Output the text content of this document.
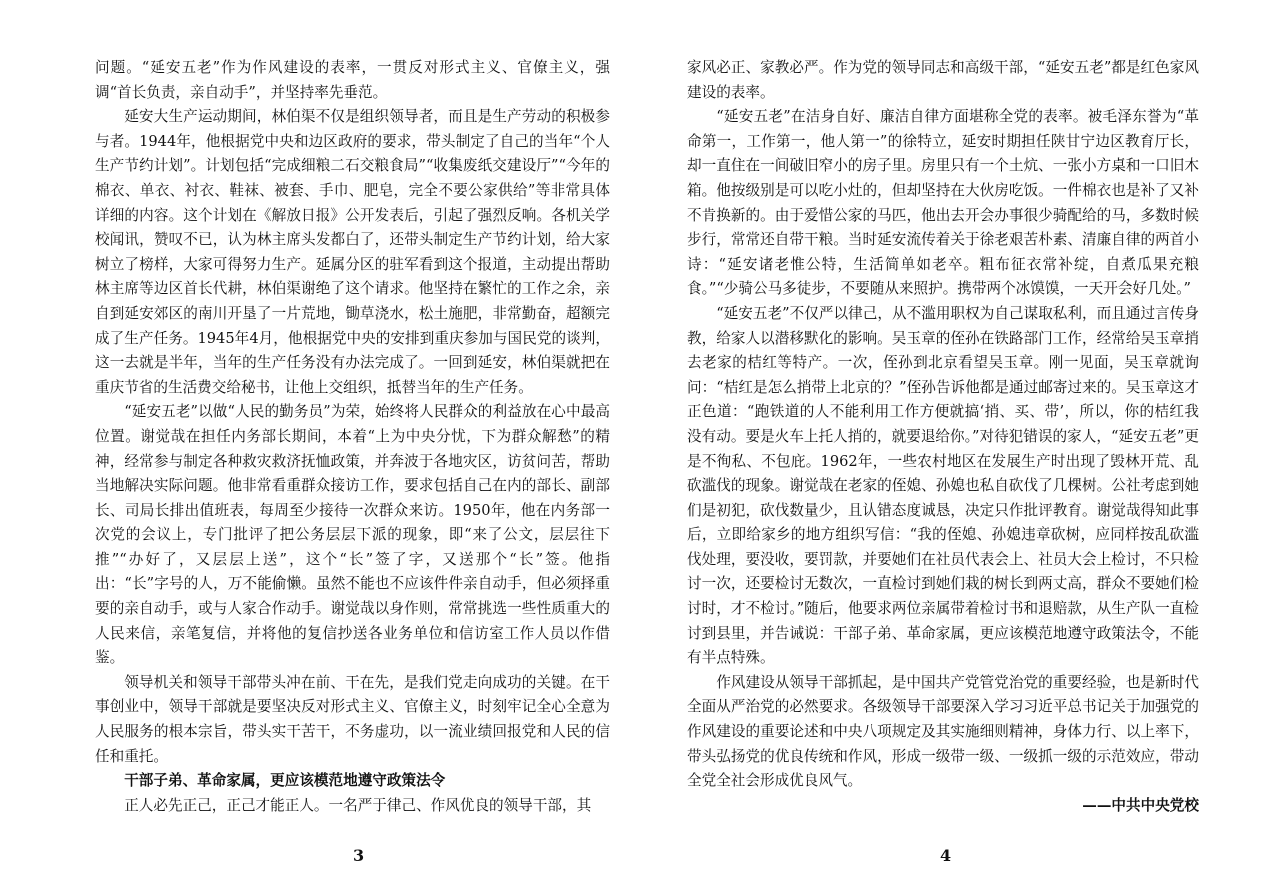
问题。“延安五老”作为作风建设的表率，一贯反对形式主义、官僚主义，强调“首长负责，亲自动手”，并坚持率先垂范。

延安大生产运动期间，林伯渠不仅是组织领导者，而且是生产劳动的积极参与者。1944年，他根据党中央和边区政府的要求，带头制定了自己的当年“个人生产节约计划”。计划包括“完成细粮二石交粮食局”“收集废纸交建设厅”“今年的棉衣、单衣、衬衣、鞋袜、被套、手巾、肥皂，完全不要公家供给”等非常具体详细的内容。这个计划在《解放日报》公开发表后，引起了强烈反响。各机关学校闻讯，赞叹不已，认为林主席头发都白了，还带头制定生产节约计划，给大家树立了榜样，大家可得努力生产。延属分区的驻军看到这个报道，主动提出帮助林主席等边区首长代耕，林伯渠谢绝了这个请求。他坚持在繁忙的工作之余，亲自到延安郊区的南川开垦了一片荒地，锄草浇水，松土施肥，非常勤奋，超额完成了生产任务。1945年4月，他根据党中央的安排到重庆参加与国民党的谈判，这一去就是半年，当年的生产任务没有办法完成了。一回到延安，林伯渠就把在重庆节省的生活费交给秘书，让他上交组织，抵替当年的生产任务。

“延安五老”以做“人民的勤务员”为荣，始终将人民群众的利益放在心中最高位置。谢觉哉在担任内务部长期间，本着“上为中央分忧，下为群众解愁”的精神，经常参与制定各种救灾救济抚恤政策，并奔波于各地灾区，访贫问苦，帮助当地解决实际问题。他非常看重群众接访工作，要求包括自己在内的部长、副部长、司局长排出值班表，每周至少接待一次群众来访。1950年，他在内务部一次党的会议上，专门批评了把公务层层下派的现象，即“来了公文，层层往下推”“办好了，又层层上送”，这个“长”签了字，又送那个“长”签。他指出：“长”字号的人，万不能偷懒。虽然不能也不应该件件亲自动手，但必须择重要的亲自动手，或与人家合作动手。谢觉哉以身作则，常常挑选一些性质重大的人民来信，亲笔复信，并将他的复信抄送各业务单位和信访室工作人员以作借鉴。

领导机关和领导干部带头冲在前、干在先，是我们党走向成功的关键。在干事创业中，领导干部就是要坚决反对形式主义、官僚主义，时刻牢记全心全意为人民服务的根本宗旨，带头实干苦干，不务虚功，以一流业绩回报党和人民的信任和重托。

干部子弟、革命家属，更应该模范地遵守政策法令

正人必先正己，正己才能正人。一名严于律己、作风优良的领导干部，其

3

家风必正、家教必严。作为党的领导同志和高级干部，“延安五老”都是红色家风建设的表率。

“延安五老”在洁身自好、廉洁自律方面堪称全党的表率。被毛泽东誉为“革命第一，工作第一，他人第一”的徐特立，延安时期担任陕甘宁边区教育厅长，却一直住在一间破旧窄小的房子里。房里只有一个土炕、一张小方桌和一口旧木箱。他按级别是可以吃小灶的，但却坚持在大伙房吃饭。一件棉衣也是补了又补不肯换新的。由于爱惜公家的马匹，他出去开会办事很少骑配给的马，多数时候步行，常常还自带干粮。当时延安流传着关于徐老艰苦朴素、清廉自律的两首小诗：“延安诸老惟公特，生活简单如老卒。粗布征衣常补绽，自煮瓜果充粮食。”“少骑公马多徒步，不要随从来照护。携带两个冰馍馍，一天开会好几处。”

“延安五老”不仅严以律己，从不滥用职权为自己谋取私利，而且通过言传身教，给家人以潜移默化的影响。吴玉章的侄孙在铁路部门工作，经常给吴玉章捎去老家的桔红等特产。一次，侄孙到北京看望吴玉章。刚一见面，吴玉章就询问：“桔红是怎么捎带上北京的？”侄孙告诉他都是通过邮寄过来的。吴玉章这才正色道：“跑铁道的人不能利用工作方便就搞‘捎、买、带’，所以，你的桔红我没有动。要是火车上托人捎的，就要退给你。”对待犯错误的家人，“延安五老”更是不徇私、不包庇。1962年，一些农村地区在发展生产时出现了毁林开荒、乱砍滥伐的现象。谢觉哉在老家的侄媳、孙媳也私自砍伐了几棵树。公社考虑到她们是初犯，砍伐数量少，且认错态度诚恳，决定只作批评教育。谢觉哉得知此事后，立即给家乡的地方组织写信：“我的侄媳、孙媳违章砍树，应同样按乱砍滥伐处理，要没收，要罚款，并要她们在社员代表会上、社员大会上检讨，不只检讨一次，还要检讨无数次，一直检讨到她们栽的树长到两丈高，群众不要她们检讨时，才不检讨。”随后，他要求两位亲属带着检讨书和退赔款，从生产队一直检讨到县里，并告诫说：干部子弟、革命家属，更应该模范地遵守政策法令，不能有半点特殊。

作风建设从领导干部抓起，是中国共产党管党治党的重要经验，也是新时代全面从严治党的必然要求。各级领导干部要深入学习习近平总书记关于加强党的作风建设的重要论述和中央八项规定及其实施细则精神，身体力行、以上率下，带头弘扬党的优良传统和作风，形成一级带一级、一级抓一级的示范效应，带动全党全社会形成优良风气。

——中共中央党校

4
